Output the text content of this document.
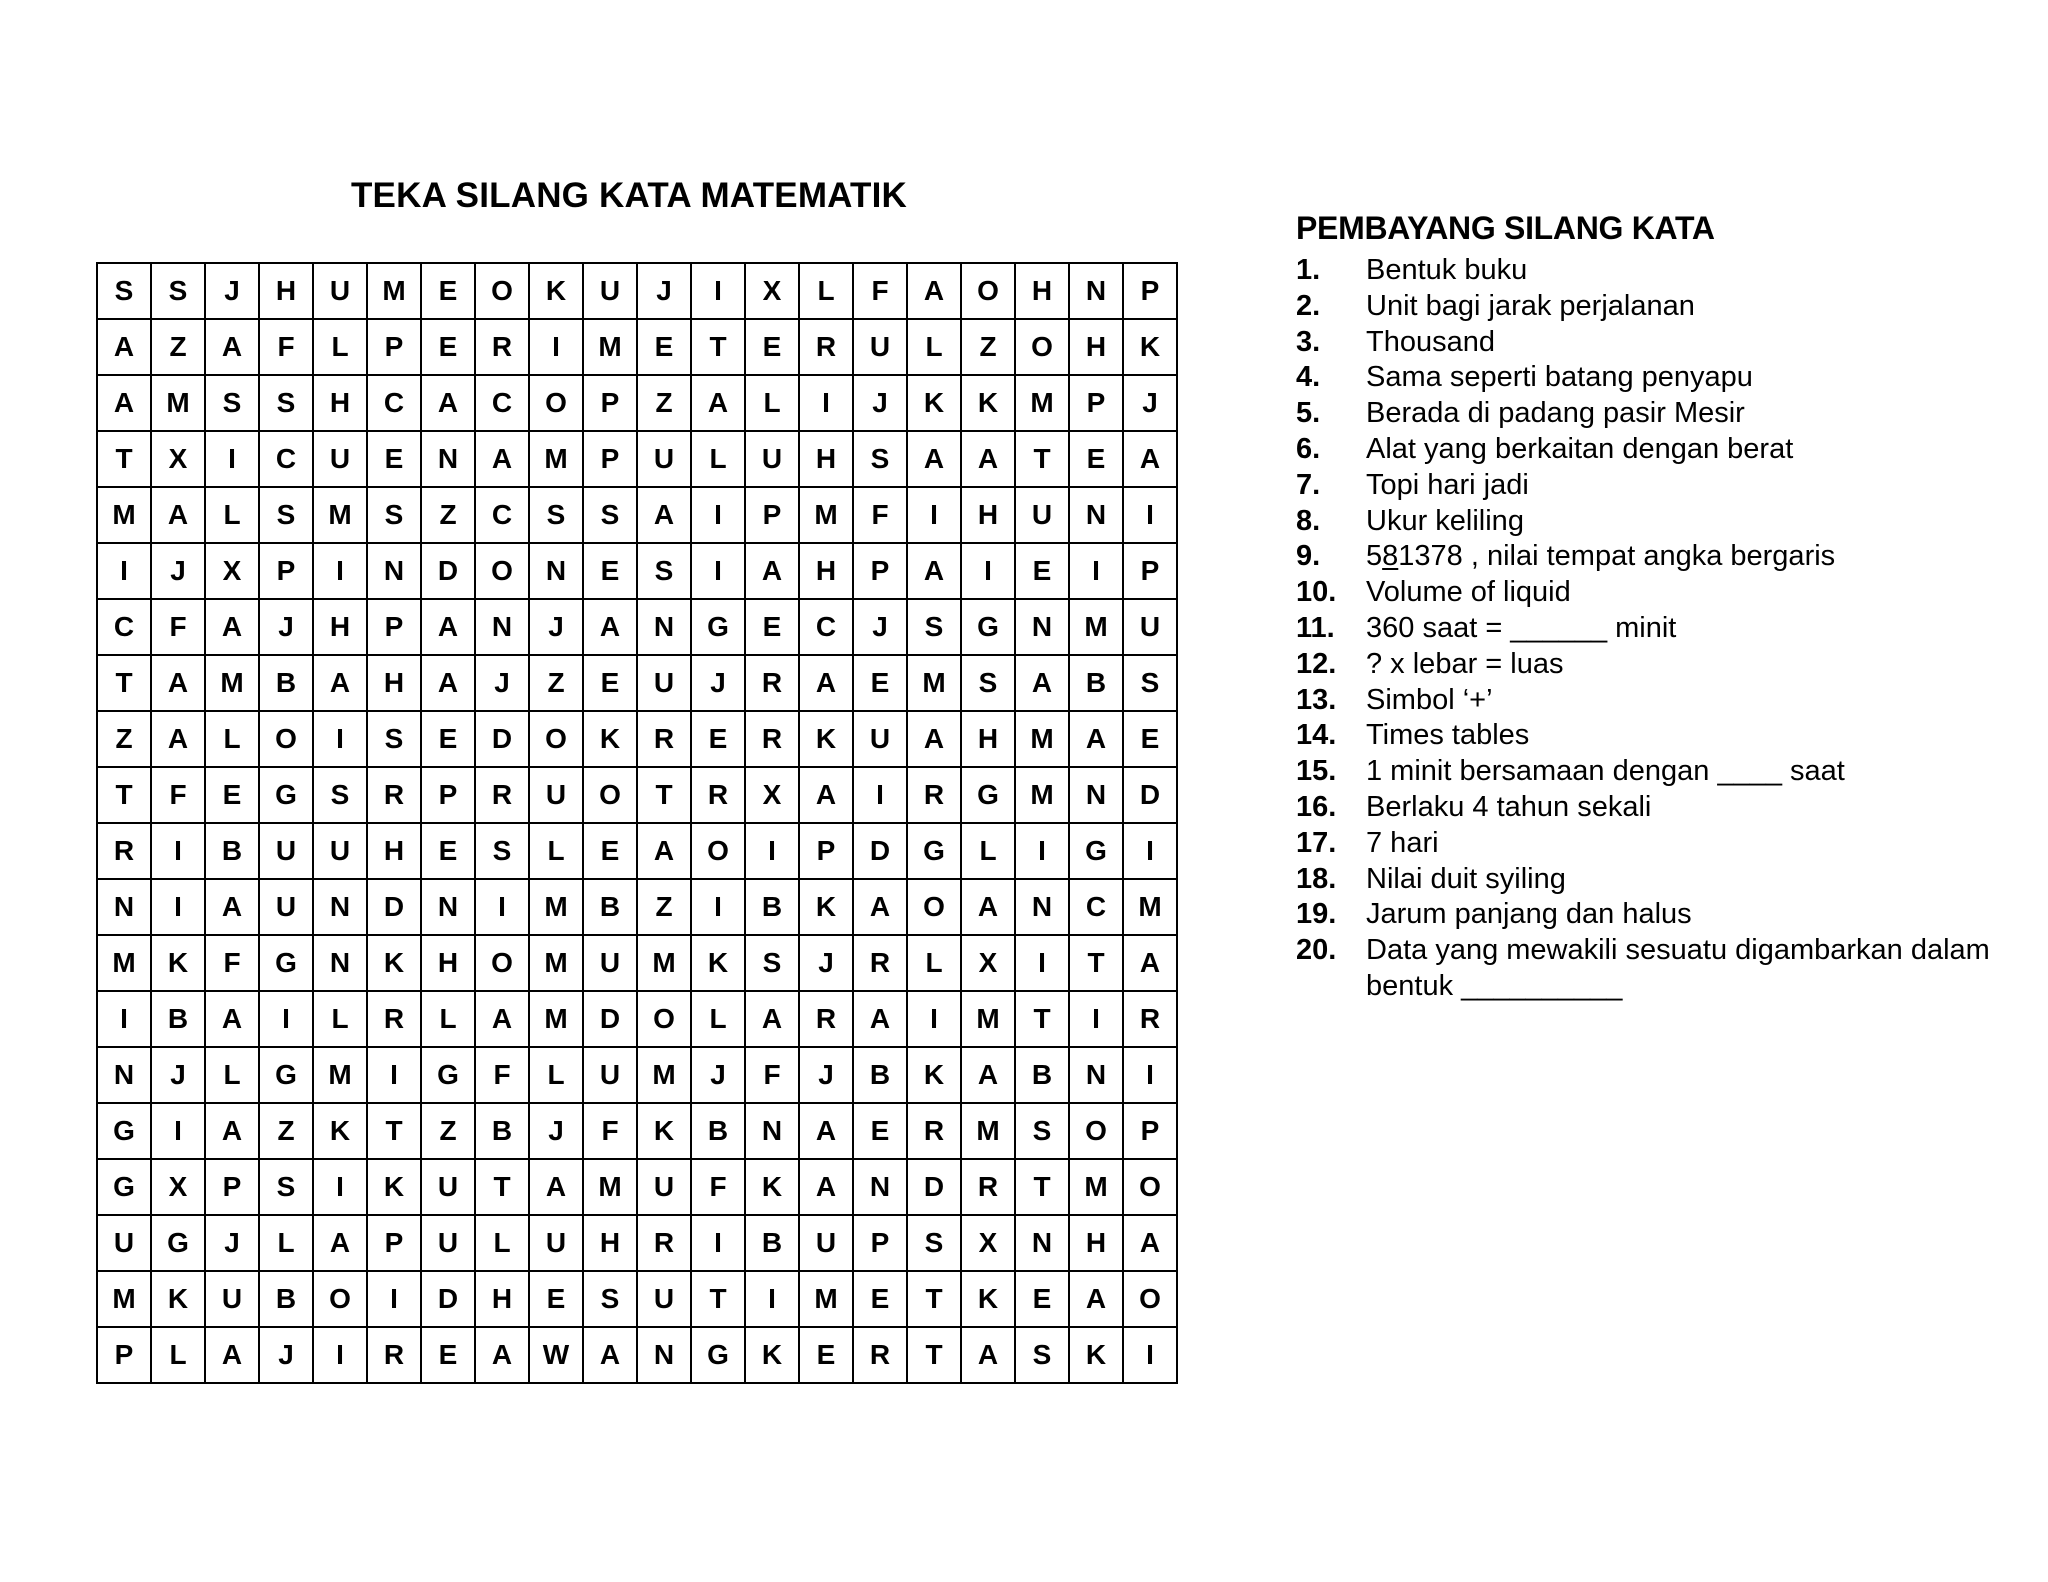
TEKA SILANG KATA MATEMATIK
S	S	J	H	U	M	E	O	K	U	J	I	X	L	F	A	O	H	N	P
A	Z	A	F	L	P	E	R	I	M	E	T	E	R	U	L	Z	O	H	K
A	M	S	S	H	C	A	C	O	P	Z	A	L	I	J	K	K	M	P	J
T	X	I	C	U	E	N	A	M	P	U	L	U	H	S	A	A	T	E	A
M	A	L	S	M	S	Z	C	S	S	A	I	P	M	F	I	H	U	N	I
I	J	X	P	I	N	D	O	N	E	S	I	A	H	P	A	I	E	I	P
C	F	A	J	H	P	A	N	J	A	N	G	E	C	J	S	G	N	M	U
T	A	M	B	A	H	A	J	Z	E	U	J	R	A	E	M	S	A	B	S
Z	A	L	O	I	S	E	D	O	K	R	E	R	K	U	A	H	M	A	E
T	F	E	G	S	R	P	R	U	O	T	R	X	A	I	R	G	M	N	D
R	I	B	U	U	H	E	S	L	E	A	O	I	P	D	G	L	I	G	I
N	I	A	U	N	D	N	I	M	B	Z	I	B	K	A	O	A	N	C	M
M	K	F	G	N	K	H	O	M	U	M	K	S	J	R	L	X	I	T	A
I	B	A	I	L	R	L	A	M	D	O	L	A	R	A	I	M	T	I	R
N	J	L	G	M	I	G	F	L	U	M	J	F	J	B	K	A	B	N	I
G	I	A	Z	K	T	Z	B	J	F	K	B	N	A	E	R	M	S	O	P
G	X	P	S	I	K	U	T	A	M	U	F	K	A	N	D	R	T	M	O
U	G	J	L	A	P	U	L	U	H	R	I	B	U	P	S	X	N	H	A
M	K	U	B	O	I	D	H	E	S	U	T	I	M	E	T	K	E	A	O
P	L	A	J	I	R	E	A	W	A	N	G	K	E	R	T	A	S	K	I
PEMBAYANG SILANG KATA
1.	Bentuk buku
2.	Unit bagi jarak perjalanan
3.	Thousand
4.	Sama seperti batang penyapu
5.	Berada di padang pasir Mesir
6.	Alat yang berkaitan dengan berat
7.	Topi hari jadi
8.	Ukur keliling
9.	581378 , nilai tempat angka bergaris
10.	Volume of liquid
11.	360 saat = ______ minit
12.	? x lebar = luas
13.	Simbol ‘+’
14.	Times tables
15.	1 minit bersamaan dengan ____ saat
16.	Berlaku 4 tahun sekali
17.	7 hari
18.	Nilai duit syiling
19.	Jarum panjang dan halus
20.	Data yang mewakili sesuatu digambarkan dalam bentuk __________
